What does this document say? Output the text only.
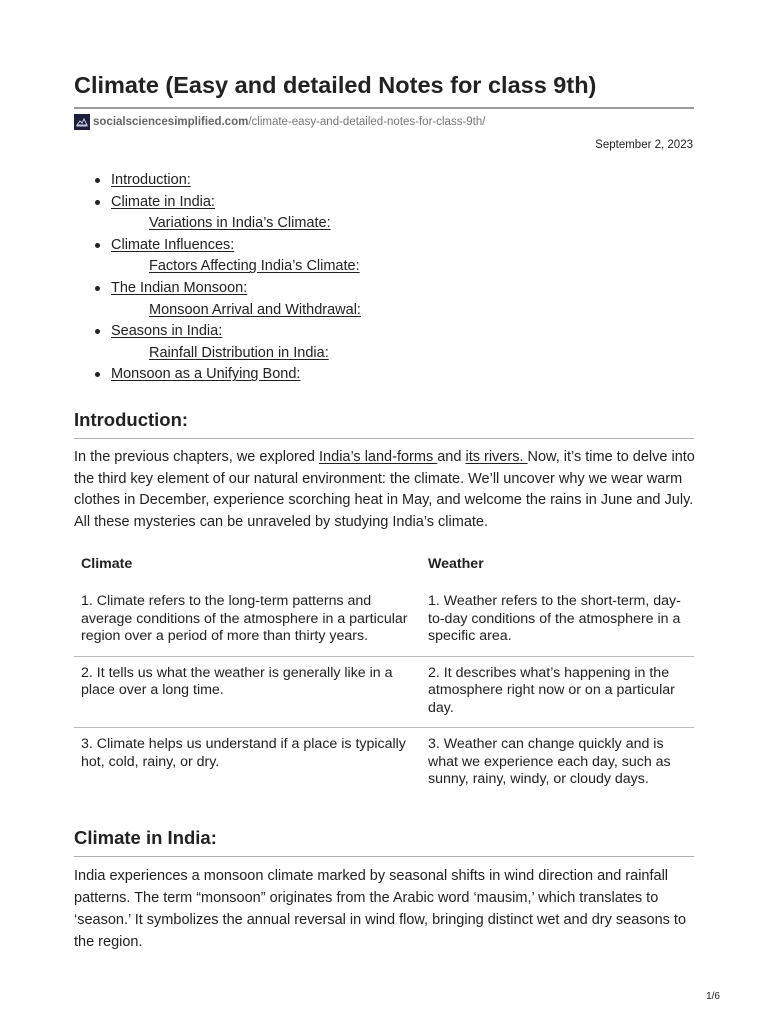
Climate (Easy and detailed Notes for class 9th)
socialsciencesimplified.com/climate-easy-and-detailed-notes-for-class-9th/
September 2, 2023
Introduction:
Climate in India:
Variations in India’s Climate:
Climate Influences:
Factors Affecting India’s Climate:
The Indian Monsoon:
Monsoon Arrival and Withdrawal:
Seasons in India:
Rainfall Distribution in India:
Monsoon as a Unifying Bond:
Introduction:

In the previous chapters, we explored India’s land-forms and its rivers. Now, it’s time to delve into the third key element of our natural environment: the climate. We’ll uncover why we wear warm clothes in December, experience scorching heat in May, and welcome the rains in June and July. All these mysteries can be unraveled by studying India’s climate.

Climate	Weather
1. Climate refers to the long-term patterns and average conditions of the atmosphere in a particular region over a period of more than thirty years.	1. Weather refers to the short-term, day-to-day conditions of the atmosphere in a specific area.
2. It tells us what the weather is generally like in a place over a long time.	2. It describes what’s happening in the atmosphere right now or on a particular day.
3. Climate helps us understand if a place is typically hot, cold, rainy, or dry.	3. Weather can change quickly and is what we experience each day, such as sunny, rainy, windy, or cloudy days.
Climate in India:

India experiences a monsoon climate marked by seasonal shifts in wind direction and rainfall patterns. The term “monsoon” originates from the Arabic word ‘mausim,’ which translates to ‘season.’ It symbolizes the annual reversal in wind flow, bringing distinct wet and dry seasons to the region.

1/6
